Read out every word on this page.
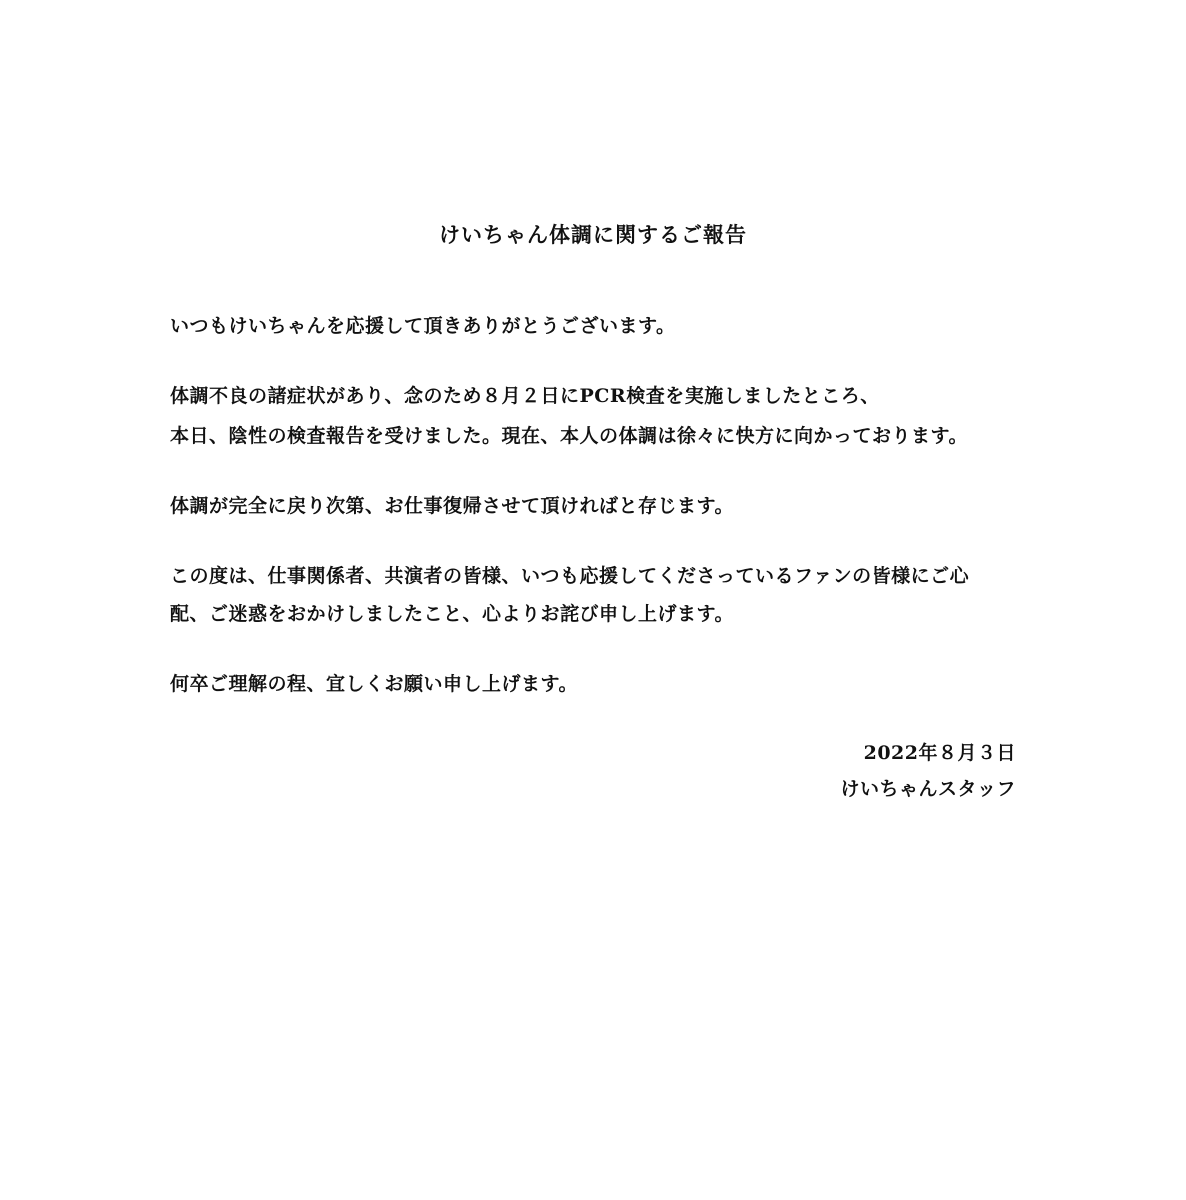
けいちゃん体調に関するご報告
いつもけいちゃんを応援して頂きありがとうございます。
体調不良の諸症状があり、念のため８月２日にPCR検査を実施しましたところ、
本日、陰性の検査報告を受けました。現在、本人の体調は徐々に快方に向かっております。
体調が完全に戻り次第、お仕事復帰させて頂ければと存じます。
この度は、仕事関係者、共演者の皆様、いつも応援してくださっているファンの皆様にご心
配、ご迷惑をおかけしましたこと、心よりお詫び申し上げます。
何卒ご理解の程、宜しくお願い申し上げます。
2022年８月３日
けいちゃんスタッフ
